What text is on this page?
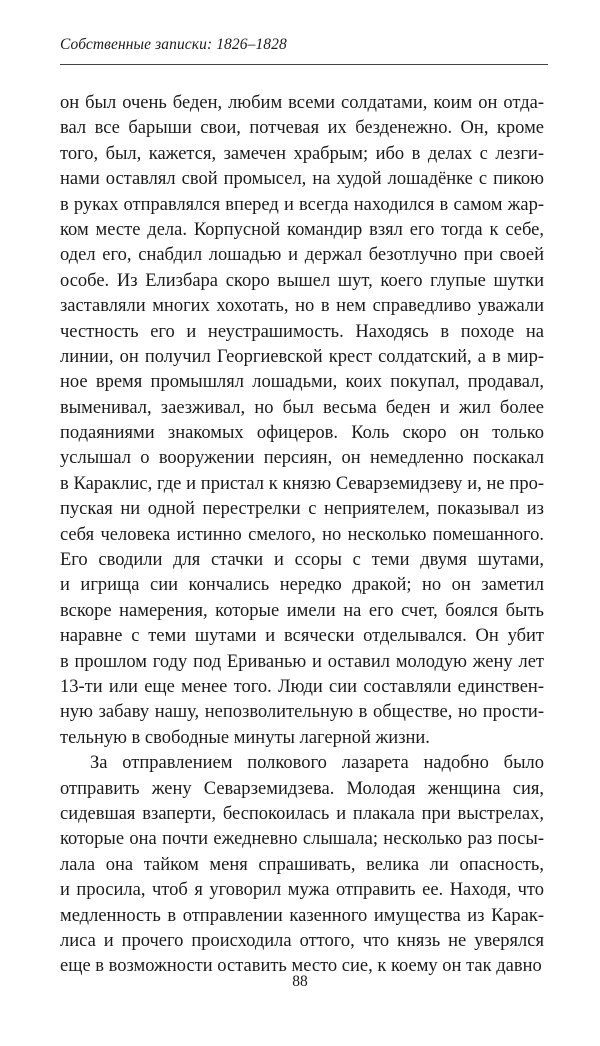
Собственные записки: 1826–1828
он был очень беден, любим всеми солдатами, коим он отда-
вал все барыши свои, потчевая их безденежно. Он, кроме
того, был, кажется, замечен храбрым; ибо в делах с лезги-
нами оставлял свой промысел, на худой лошадёнке с пикою
в руках отправлялся вперед и всегда находился в самом жар-
ком месте дела. Корпусной командир взял его тогда к себе,
одел его, снабдил лошадью и держал безотлучно при своей
особе. Из Елизбара скоро вышел шут, коего глупые шутки
заставляли многих хохотать, но в нем справедливо уважали
честность его и неустрашимость. Находясь в походе на
линии, он получил Георгиевской крест солдатский, а в мир-
ное время промышлял лошадьми, коих покупал, продавал,
выменивал, заезживал, но был весьма беден и жил более
подаяниями знакомых офицеров. Коль скоро он только
услышал о вооружении персиян, он немедленно поскакал
в Караклис, где и пристал к князю Севарземидзеву и, не про-
пуская ни одной перестрелки с неприятелем, показывал из
себя человека истинно смелого, но несколько помешанного.
Его сводили для стачки и ссоры с теми двумя шутами,
и игрища сии кончались нередко дракой; но он заметил
вскоре намерения, которые имели на его счет, боялся быть
наравне с теми шутами и всячески отделывался. Он убит
в прошлом году под Ериванью и оставил молодую жену лет
13-ти или еще менее того. Люди сии составляли единствен-
ную забаву нашу, непозволительную в обществе, но прости-
тельную в свободные минуты лагерной жизни.
За отправлением полкового лазарета надобно было
отправить жену Севарземидзева. Молодая женщина сия,
сидевшая взаперти, беспокоилась и плакала при выстрелах,
которые она почти ежедневно слышала; несколько раз посы-
лала она тайком меня спрашивать, велика ли опасность,
и просила, чтоб я уговорил мужа отправить ее. Находя, что
медленность в отправлении казенного имущества из Карак-
лиса и прочего происходила оттого, что князь не уверялся
еще в возможности оставить место сие, к коему он так давно
88
